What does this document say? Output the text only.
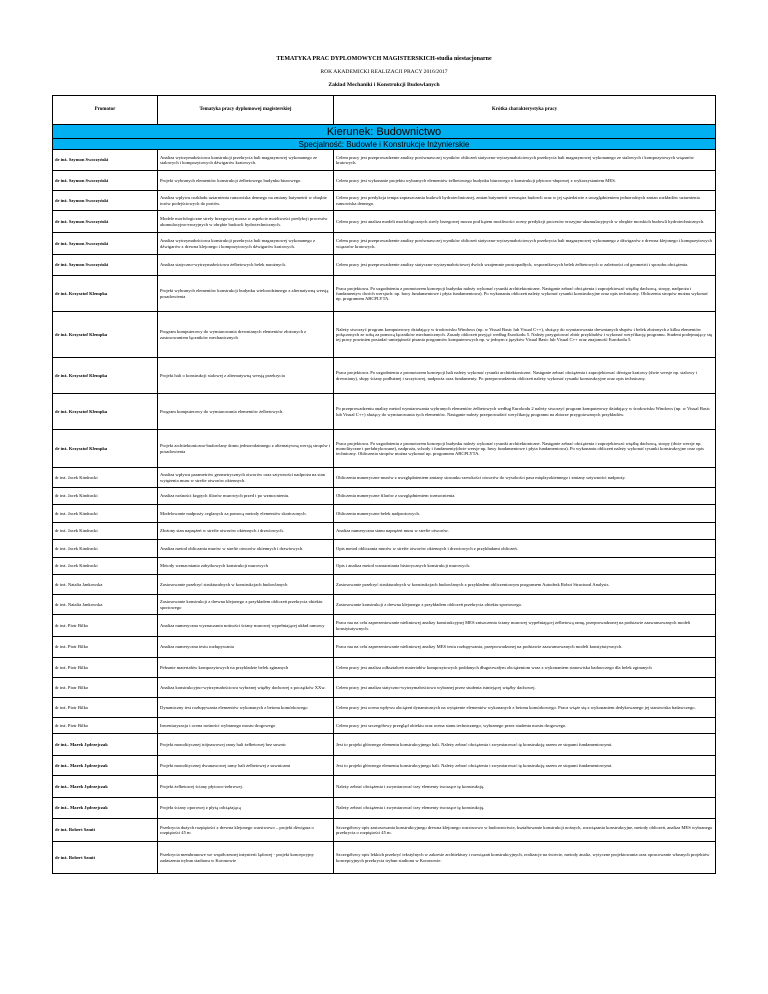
TEMATYKA PRAC DYPLOMOWYCH MAGISTERSKICH-studia niestacjonarne
ROK AKADEMICKI REALIZACJI PRACY 2016/2017
Zakład Mechaniki i Konstrukcji Budowlanych
Promotor	Tematyka pracy dyplomowej magisterskiej	Krótka charakterystyka pracy
Kierunek: Budownictwo		
Specjalność: Budowle i Konstrukcje Inżynierskie		
dr inż. Szymon Swoczyński	Analiza wytrzymałościowa konstrukcji przekrycia hali magazynowej wykonanego ze stalowych i kompozytowych dźwigarów kratowych.	Celem pracy jest przeprowadzenie analizy porównawczej wyników obliczeń statyczno-wytrzymałościowych przekrycia hali magazynowej wykonanego ze stalowych i kompozytowych wiązarów kratowych.
dr inż. Szymon Swoczyński	Projekt wybranych elementów konstrukcji żelbetowego budynku biurowego.	Celem pracy jest wykonanie projektu wybranych elementów żelbetowego budynku biurowego o konstrukcji płytowo-słupowej z wykorzystaniem MES.
dr inż. Szymon Swoczyński	Analiza wpływu rozkładu uziarnienia rumowiska dennego na zmiany batymetrii w obrębie torów podejściowych do portów.	Celem pracy jest predykcja tempa zapiaszczania budowli hydrotechnicznej, zmian batymetrii wewnątrz budowli oraz w jej sąsiedztwie z uwzględnieniem jednorodnych zmian rozkładów uziarnienia rumowiska dennego.
dr inż. Szymon Swoczyński	Modele morfologiczne strefy brzegowej morza w aspekcie możliwości predykcji procesów akumulacyjno-erozyjnych w obrębie budowli hydrotechnicznych.	Celem pracy jest analiza modeli morfologicznych strefy brzegowej morza pod kątem możliwości oceny predykcji procesów erozyjno-akumulacyjnych w obrębie morskich budowli hydrotechnicznych.
dr inż. Szymon Swoczyński	Analiza wytrzymałościowa konstrukcji przekrycia hali magazynowej wykonanego z dźwigarów z drewna klejonego i kompozytowych dźwigarów kratowych.	Celem pracy jest przeprowadzenie analizy porównawczej wyników obliczeń statyczno-wytrzymałościowych przekrycia hali magazynowej wykonanego z dźwigarów z drewna klejonego i kompozytowych wiązarów kratowych.
dr inż. Szymon Swoczyński	Analiza statyczno-wytrzymałościowa żelbetowych belek narożnych.	Celem pracy jest przeprowadzenie analizy statyczno-wytrzymałościowej dwóch wzajemnie prostopadłych, wspornikowych belek żelbetowych w zależności od geometrii i sposobu obciążenia.
dr inż. Krzysztof Klempka	Projekt wybranych elementów konstrukcji budynku wielorodzinnego z alternatywną wersją posadowienia	Praca projektowa. Po uzgodnieniu z promotorem koncepcji budynku należy wykonać rysunki architektoniczne. Następnie zebrać obciążenia i zaprojektować więźbę dachową, stropy, nadproża i fundamentyw dwóch wersjach: np. ławy fundamentowe i płyta fundamentowa). Po wykonaniu obliczeń należy wykonać rysunki konstrukcyjne oraz opis techniczny. Obliczenia stropów można wykonać np. programem ABCPLYTA.
dr inż. Krzysztof Klempka	Program komputerowy do wymiarowania drewnianych elementów złożonych z zastosowaniem łączników mechanicznych	Należy stworzyć program komputerowy działający w środowisku Windows (np. w Visual Basic lub Visual C++), służący do wymiarowania drewnianych słupów i belek złożonych z kilku elementów połączonych ze sobą za pomocą łączników mechanicznych. Zasady obliczeń przyjąć według Eurokodu 5. Należy przygotować zbiór przykładów i wykonać weryfikację programu. Student podejmujący się tej pracy powinien posiadać umiejętność pisania programów komputerowych np. w jednym z języków Visual Basic lub Visual C++ oraz znajomość Eurokodu 5.
dr inż. Krzysztof Klempka	Projekt hali o konstrukcji stalowej z alternatywną wersją przekrycia	Praca projektowa. Po uzgodnieniu z promotorem koncepcji hali należy wykonać rysunki architektoniczne. Następnie zebrać obciążenia i zaprojektować dźwigar kratowy (dwie wersje np. stalowy i drewniany), słupy ściany podłużnej i szczytowej, nadproża oraz fundamenty. Po przeprowadzeniu obliczeń należy wykonać rysunki konstrukcyjne oraz opis techniczny.
dr inż. Krzysztof Klempka	Program komputerowy do wymiarowania elementów żelbetowych.	Po przeprowadzeniu analizy metod wymiarowania wybranych elementów żelbetowych według Eurokodu 2 należy stworzyć program komputerowy działający w środowisku Windows (np. w Visual Basic lub Visual C++) służący do wymiarowania tych elementów. Następnie należy przeprowadzić weryfikację programu na zbiorze przygotowanych przykładów.
dr inż. Krzysztof Klempka	Projekt architektoniczno-budowlany domu jednorodzinnego z alternatywną wersją stropów i posadowienia	Praca projektowa. Po uzgodnieniu z promotorem koncepcji budynku należy wykonać rysunki architektoniczne. Następnie zebrać obciążenia i zaprojektować więźbę dachową, stropy (dwie wersje np. monolityczne i prefabrykowane), nadproża, schody i fundamenty(dwie wersje np. ławy fundamentowe i płyta fundamentowa). Po wykonaniu obliczeń należy wykonać rysunki konstrukcyjne oraz opis techniczny. Obliczenia stropów można wykonać np. programem ABCPLYTA.
dr inż. Jacek Kindracki	Analiza wpływu parametrów geometrycznych otworów oraz sztywności nadproża na stan wytężenia muru w strefie otworów okiennych.	Obliczenia numeryczne murów z uwzględnieniem zmiany stosunku szerokości otworów do wysokości pasa międzyokiennego i zmiany sztywności nadproży.
dr inż. Jacek Kindracki	Analiza nośności krępych filarów murowych przed i po wzmocnieniu.	Obliczenia numeryczne filarów z uwzględnieniem wzmocnienia.
dr inż. Jacek Kindracki	Modelowanie nadproży ceglanych za pomocą metody elementów skończonych.	Obliczenia numeryczne belek nadprożowych.
dr inż. Jacek Kindracki	Złożony stan naprężeń w strefie otworów okiennych i drzwiowych.	Analiza numeryczna stanu naprężeń muru w strefie otworów.
dr inż. Jacek Kindracki	Analiza metod obliczania murów w strefie otworów okiennych i drzwiowych.	Opis metod obliczania murów w strefie otworów okiennych i drzwiowych z przykładami obliczeń.
dr inż. Jacek Kindracki	Metody wzmacniania zabytkowych konstrukcji murowych	Opis i analiza metod wzmacniania historycznych konstrukcji murowych.
dr inż. Natalia Jankowska	Zastosowanie przekryć strukturalnych w konstrukcjach budowlanych	Zastosowanie przekryć strukturalnych w konstrukcjach budowlanych z przykładem obliczeniowym programem Autodesk Robot Structural Analysis.
dr inż. Natalia Jankowska	Zastosowanie konstrukcji z drewna klejonego z przykładem obliczeń przekrycia obiektu sportowego	Zastosowanie konstrukcji z drewna klejonego z przykładem obliczeń przekrycia obiektu sportowego.
dr inż. Piotr Bilko	Analiza numeryczna wyznaczania nośności ściany murowej wypełniającej układ ramowy	Praca ma na celu zaprezentowanie nieliniowej analizy konstrukcyjnej MES zniszczenia ściany murowej wypełniającej żelbetową ramę, przeprowadzonej na podstawie zaawansowanych modeli konstytutywnych.
dr inż. Piotr Bilko	Analiza numeryczna testu rozłupywania	Praca ma na celu zaprezentowanie nieliniowej analizy MES testu rozłupywania, przeprowadzonej na podstawie zaawansowanych modeli konstytutywnych.
dr inż. Piotr Bilko	Pełzanie materiałów kompozytowych na przykładzie belek zginanych	Celem pracy jest analiza odkształceń materiałów kompozytowych poddanych długotrwałym obciążeniom wraz z wykonaniem stanowiska badawczego dla belek zginanych
dr inż. Piotr Bilko	Analiza konstrukcyjno-wytrzymałościowa wybranej więźby dachowej z początków XXw.	Celem pracy jest analiza statyczno-wytrzymałościowa wybranej przez studenta istniejącej więźby dachowej.
dr inż. Piotr Bilko	Dynamiczny test rozłupywania elementów wykonanych z betonu komórkowego	Celem pracy jest ocena wpływu obciążeń dynamicznych na wytężenie elementów wykonanych z betonu komórkowego. Praca wiąże się z wykonaniem dedykowanego jej stanowiska badawczego.
dr inż. Piotr Bilko	Inwentaryzacja i ocena nośności wybranego mostu drogowego	Celem pracy jest szczegółowy przegląd obiektu oraz ocena stanu technicznego, wybranego przez studenta mostu drogowego.
dr inż.. Marek Jędrzejczak	Projekt monolitycznej trójnawowej ramy hali żelbetowej bez suwnic	Jest to projekt głównego elementu konstrukcyjnego hali. Należy zebrać obciążenia i zwymiarować tę konstrukcję razem ze stopami fundamentowymi.
dr inż.. Marek Jędrzejczak	Projekt monolitycznej dwunawowej ramy hali żelbetowej z suwnicami	Jest to projekt głównego elementu konstrukcyjnego hali. Należy zebrać obciążenia i zwymiarować tę konstrukcję razem ze stopami fundamentowymi.
dr inż.. Marek Jędrzejczak	Projekt żelbetowej ściany płytowo-żebrowej.	Należy zebrać obciążenia i zwymiarować trzy elementy tworzące tę konstrukcję.
dr inż.. Marek Jędrzejczak	Projekt ściany oporowej z płytą odciążającą	Należy zebrać obciążenia i zwymiarować trzy elementy tworzące tę konstrukcję.
dr inż. Robert Szmit	Przekrycia dużych rozpiętości z drewna klejonego warstwowo – projekt dźwigara o rozpiętości 45 m	Szczegółowy opis zastosowania konstrukcyjnego drewna klejonego warstwowo w budownictwie, kształtowanie konstrukcji nośnych, rozwiązania konstrukcyjne, metody obliczeń, analiza MES wybranego przekrycia o rozpiętości 45 m.
dr inż. Robert Szmit	Przekrycia membranowe we współczesnej inżynierii lądowej - projekt koncepcyjny zadaszenia trybun stadionu w Koronowie	Szczegółowy opis lekkich przekryć tekstylnych w zakresie architektury i rozwiązań konstrukcyjnych, realizacje na świecie, metody analiz, wytyczne projektowania oraz opracowanie własnych projektów koncepcyjnych przekrycia trybun stadionu w Koronowie.
